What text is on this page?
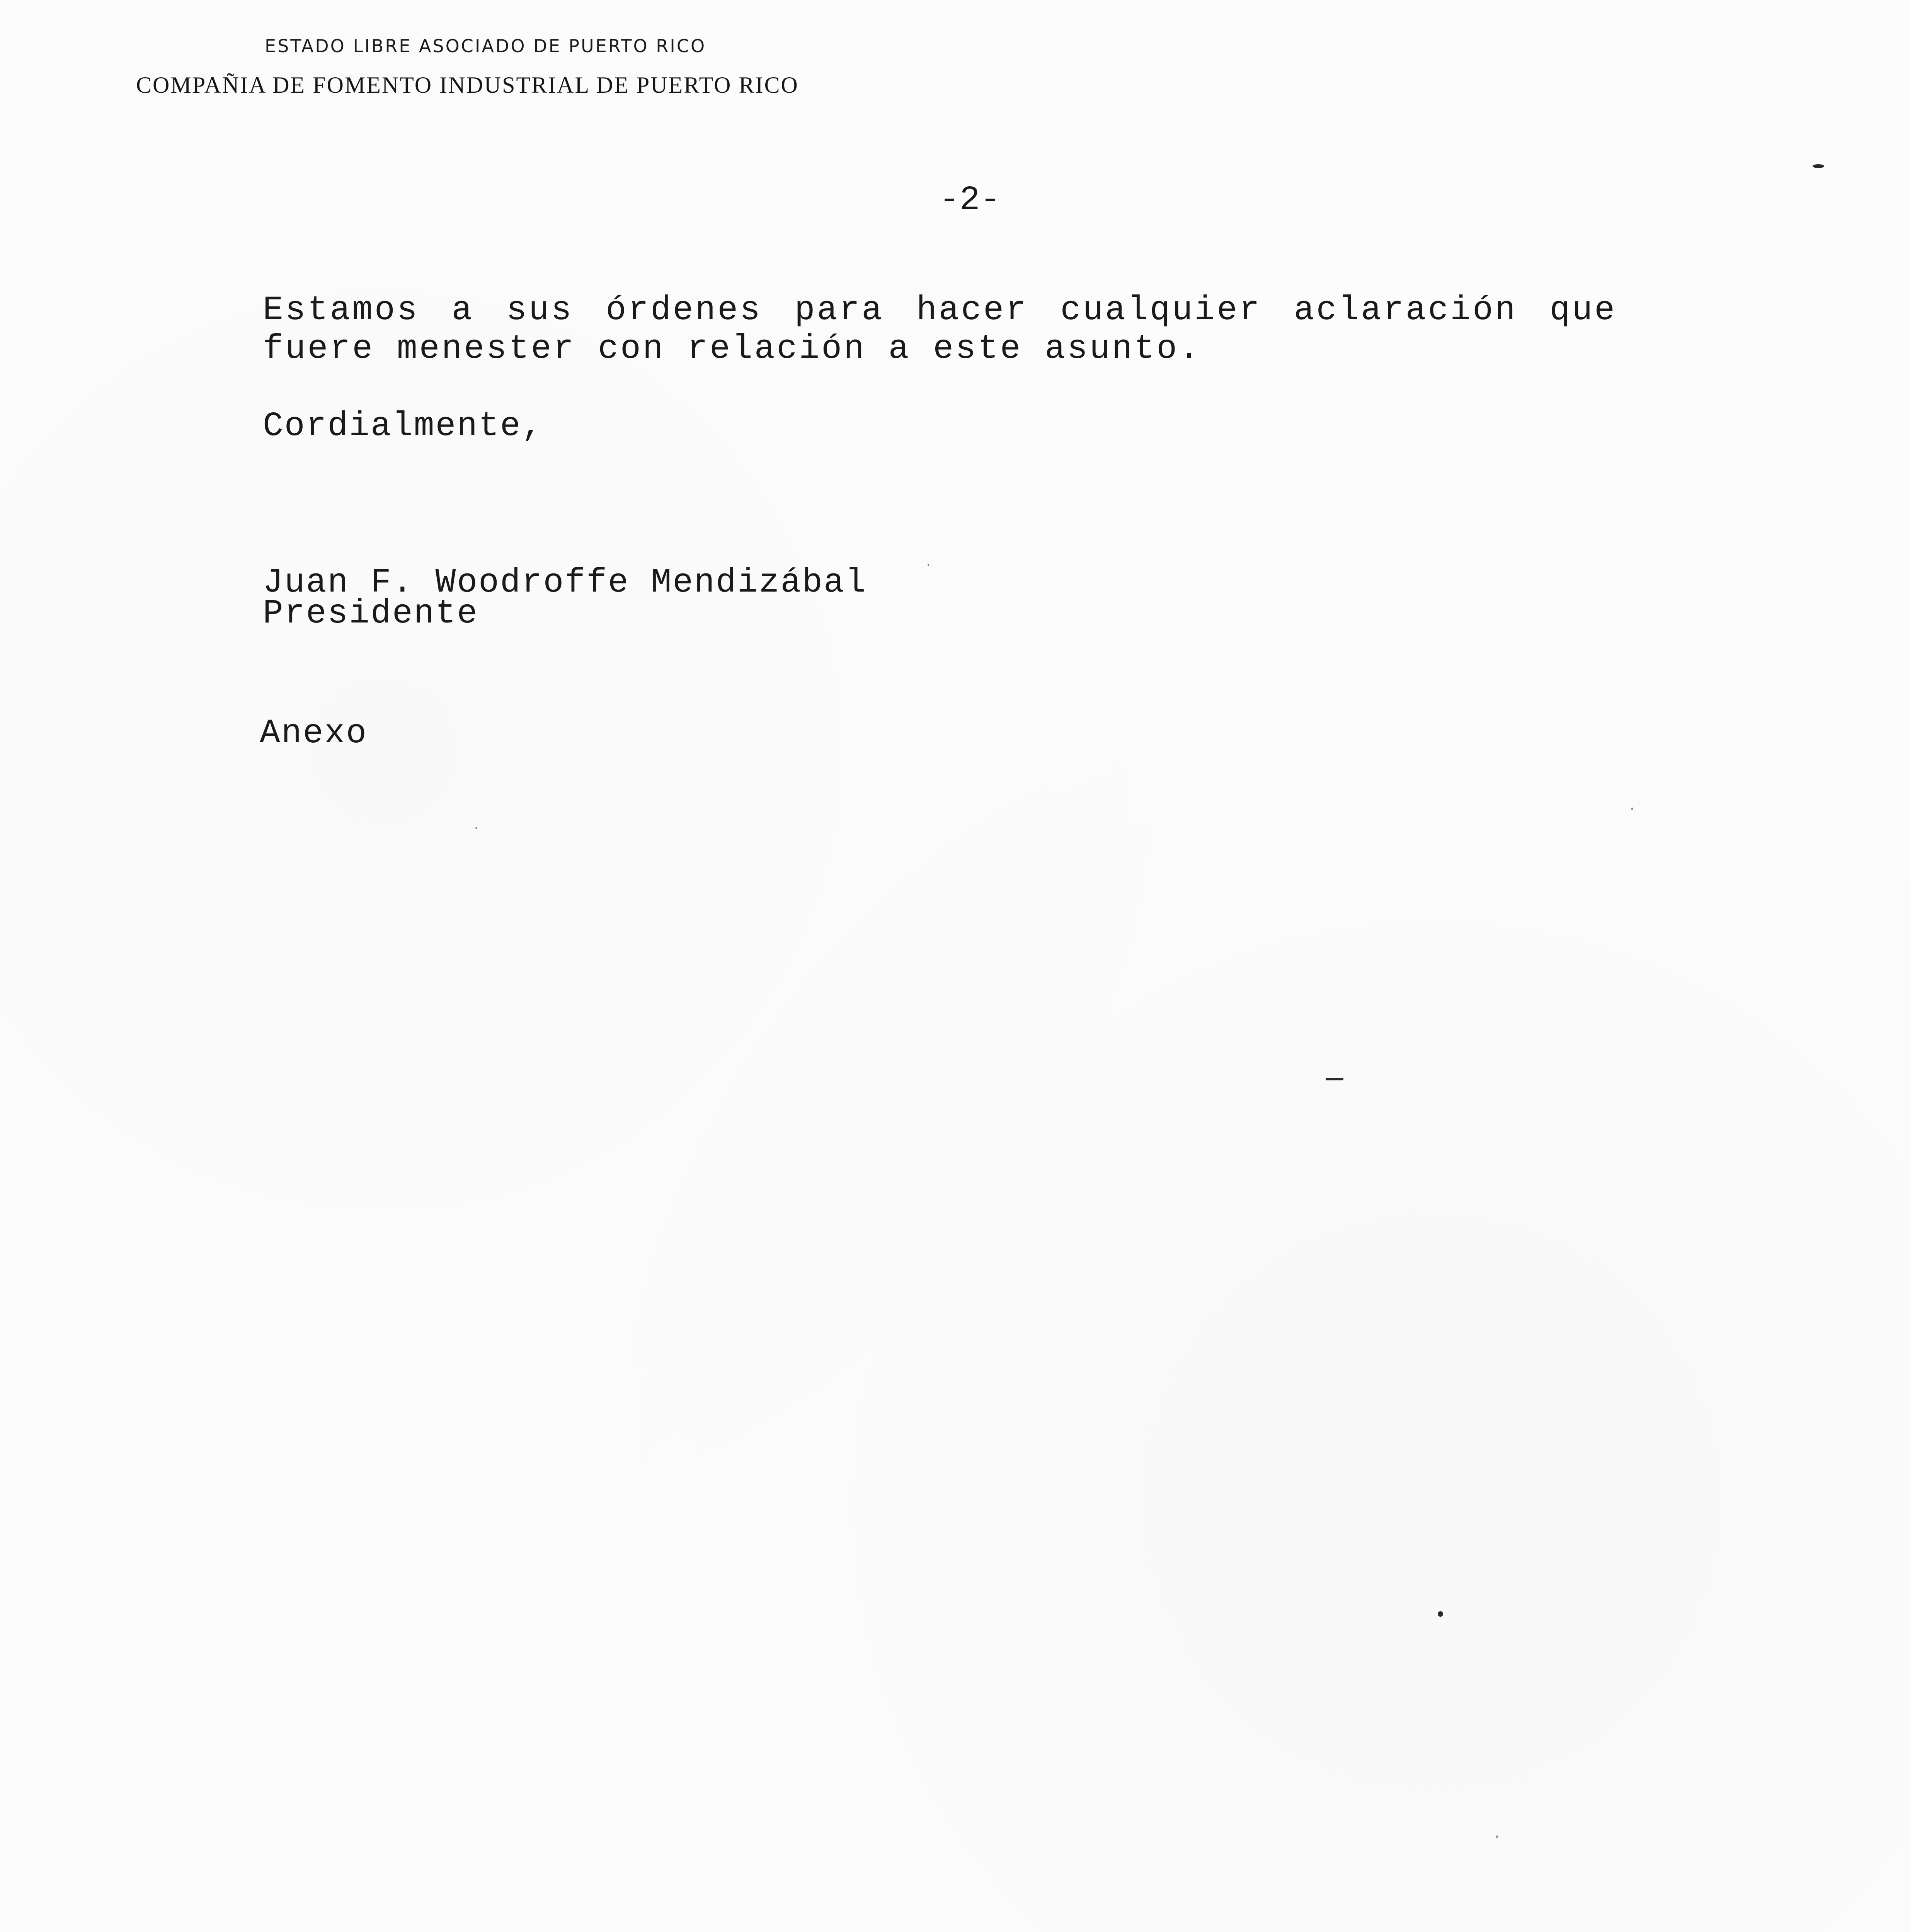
ESTADO LIBRE ASOCIADO DE PUERTO RICO
COMPAÑIA DE FOMENTO INDUSTRIAL DE PUERTO RICO
-2-
Estamos a sus órdenes para hacer cualquier aclaración que
fuere menester con relación a este asunto.
Cordialmente,
Juan F. Woodroffe Mendizábal
Presidente
Anexo
